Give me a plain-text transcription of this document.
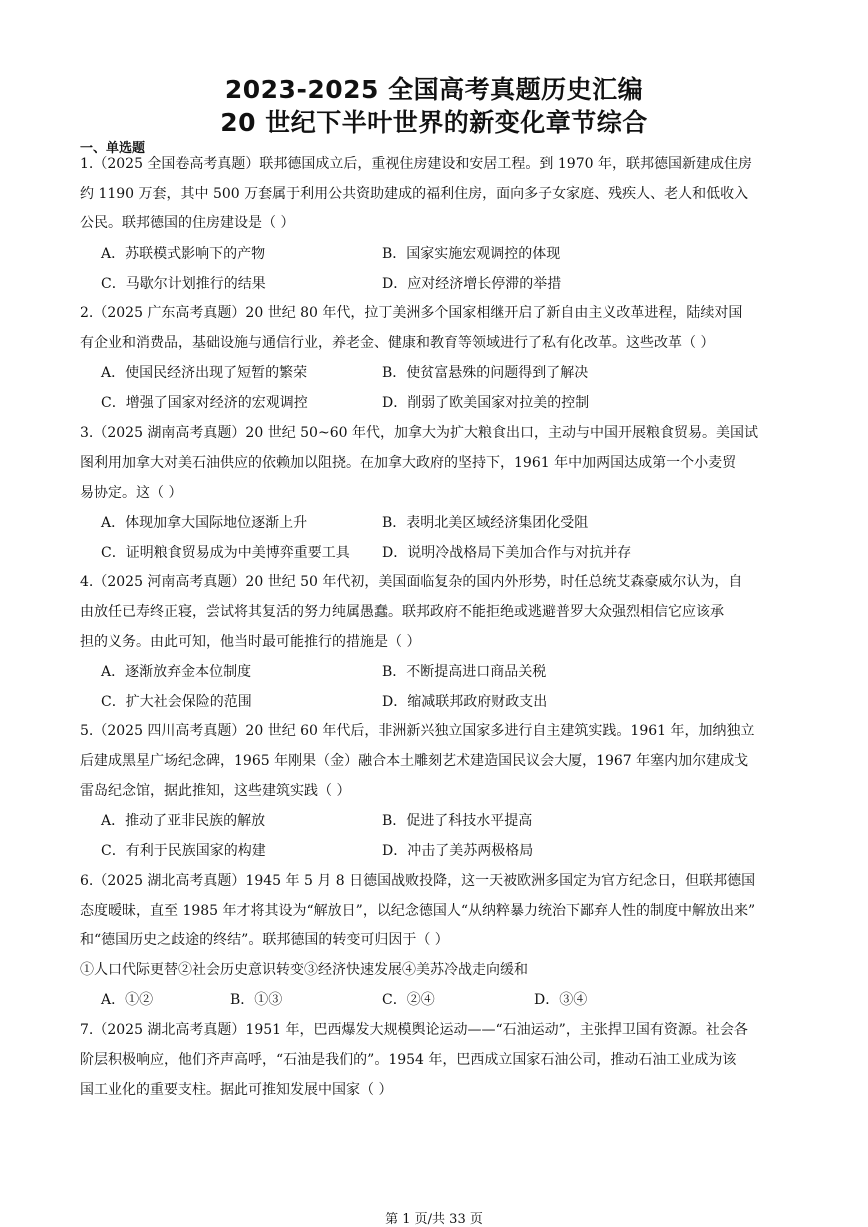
2023-2025 全国高考真题历史汇编
20 世纪下半叶世界的新变化章节综合
一、单选题
1.（2025 全国卷高考真题）联邦德国成立后，重视住房建设和安居工程。到 1970 年，联邦德国新建成住房
约 1190 万套，其中 500 万套属于利用公共资助建成的福利住房，面向多子女家庭、残疾人、老人和低收入
公民。联邦德国的住房建设是（ ）
A．苏联模式影响下的产物	B．国家实施宏观调控的体现
C．马歇尔计划推行的结果	D．应对经济增长停滞的举措
2.（2025 广东高考真题）20 世纪 80 年代，拉丁美洲多个国家相继开启了新自由主义改革进程，陆续对国
有企业和消费品，基础设施与通信行业，养老金、健康和教育等领域进行了私有化改革。这些改革（ ）
A．使国民经济出现了短暂的繁荣	B．使贫富悬殊的问题得到了解决
C．增强了国家对经济的宏观调控	D．削弱了欧美国家对拉美的控制
3.（2025 湖南高考真题）20 世纪 50~60 年代，加拿大为扩大粮食出口，主动与中国开展粮食贸易。美国试
图利用加拿大对美石油供应的依赖加以阻挠。在加拿大政府的坚持下，1961 年中加两国达成第一个小麦贸
易协定。这（ ）
A．体现加拿大国际地位逐渐上升	B．表明北美区域经济集团化受阻
C．证明粮食贸易成为中美博弈重要工具 D．说明冷战格局下美加合作与对抗并存
4.（2025 河南高考真题）20 世纪 50 年代初，美国面临复杂的国内外形势，时任总统艾森豪威尔认为，自
由放任已寿终正寝，尝试将其复活的努力纯属愚蠢。联邦政府不能拒绝或逃避普罗大众强烈相信它应该承
担的义务。由此可知，他当时最可能推行的措施是（ ）
A．逐渐放弃金本位制度	B．不断提高进口商品关税
C．扩大社会保险的范围	D．缩减联邦政府财政支出
5.（2025 四川高考真题）20 世纪 60 年代后，非洲新兴独立国家多进行自主建筑实践。1961 年，加纳独立
后建成黑星广场纪念碑，1965 年刚果（金）融合本土雕刻艺术建造国民议会大厦，1967 年塞内加尔建成戈
雷岛纪念馆，据此推知，这些建筑实践（ ）
A．推动了亚非民族的解放	B．促进了科技水平提高
C．有利于民族国家的构建	D．冲击了美苏两极格局
6.（2025 湖北高考真题）1945 年 5 月 8 日德国战败投降，这一天被欧洲多国定为官方纪念日，但联邦德国
态度暧昧，直至 1985 年才将其设为“解放日”，以纪念德国人“从纳粹暴力统治下鄙弃人性的制度中解放出来”
和“德国历史之歧途的终结”。联邦德国的转变可归因于（ ）
①人口代际更替②社会历史意识转变③经济快速发展④美苏冷战走向缓和
A．①②	B．①③	C．②④	D．③④
7.（2025 湖北高考真题）1951 年，巴西爆发大规模舆论运动——“石油运动”，主张捍卫国有资源。社会各
阶层积极响应，他们齐声高呼，“石油是我们的”。1954 年，巴西成立国家石油公司，推动石油工业成为该
国工业化的重要支柱。据此可推知发展中国家（ ）
第 1 页/共 33 页
